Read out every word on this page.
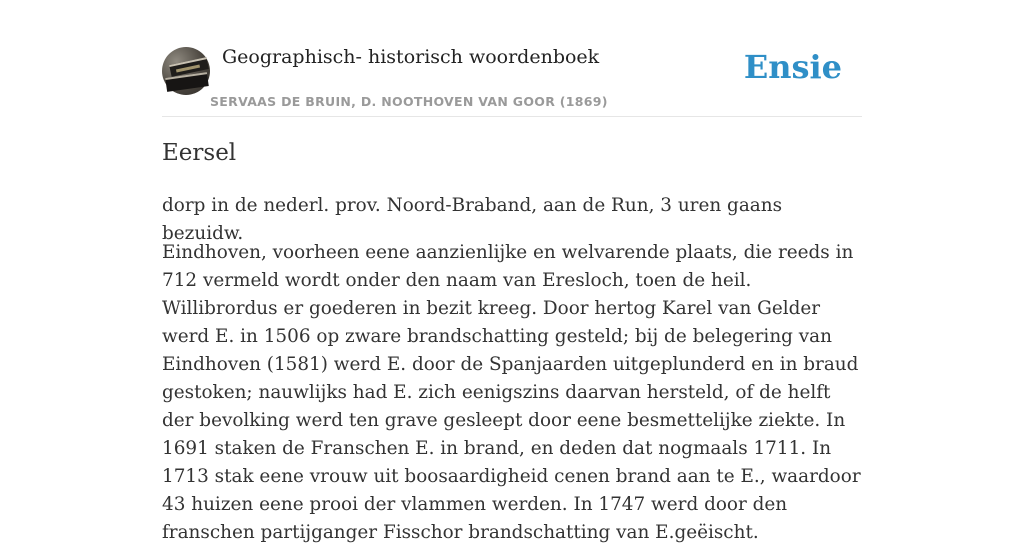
Geographisch- historisch woordenboek
SERVAAS DE BRUIN, D. NOOTHOVEN VAN GOOR (1869)
Ensie
Eersel

dorp in de nederl. prov. Noord-Braband, aan de Run, 3 uren gaans bezuidw.

Eindhoven, voorheen eene aanzienlijke en welvarende plaats, die reeds in 712 vermeld wordt onder den naam van Eresloch, toen de heil. Willibrordus er goederen in bezit kreeg. Door hertog Karel van Gelder werd E. in 1506 op zware brandschatting gesteld; bij de belegering van Eindhoven (1581) werd E. door de Spanjaarden uitgeplunderd en in braud gestoken; nauwlijks had E. zich eenigszins daarvan hersteld, of de helft der bevolking werd ten grave gesleept door eene besmettelijke ziekte. In 1691 staken de Franschen E. in brand, en deden dat nogmaals 1711. In 1713 stak eene vrouw uit boosaardigheid cenen brand aan te E., waardoor 43 huizen eene prooi der vlammen werden. In 1747 werd door den franschen partijganger Fisschor brandschatting van E.geëischt.
